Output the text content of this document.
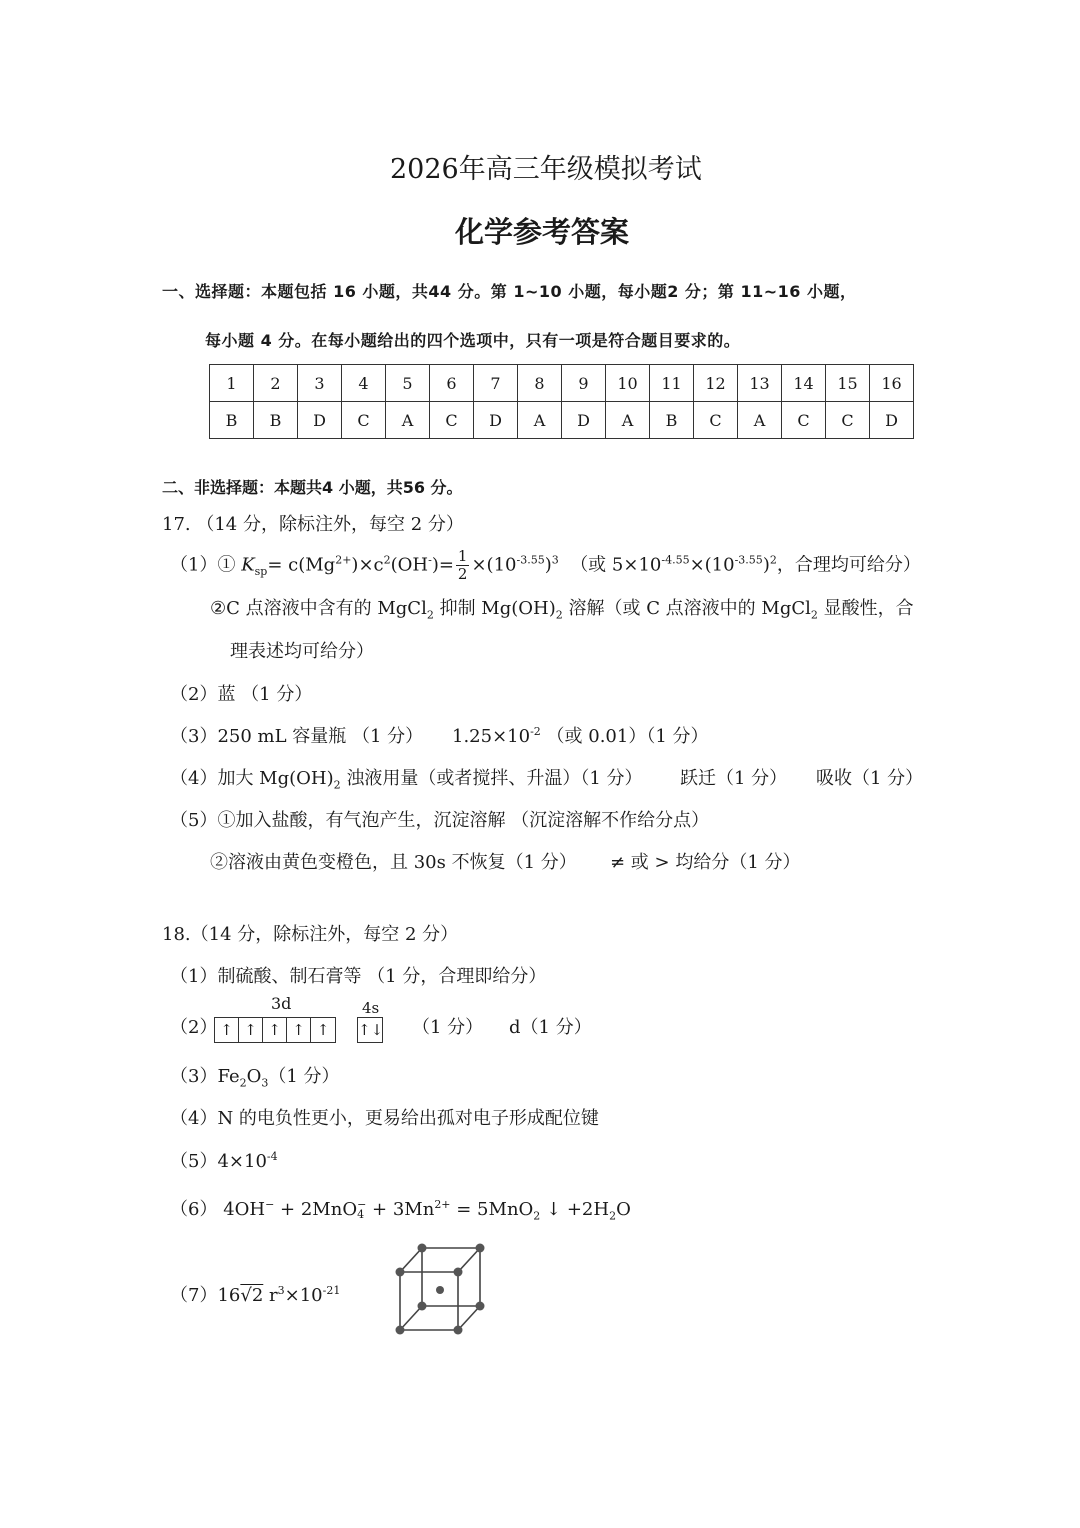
2026年高三年级模拟考试
化学参考答案
一、选择题：本题包括 16 小题，共44 分。第 1~10 小题，每小题2 分；第 11~16 小题，
每小题 4 分。在每小题给出的四个选项中，只有一项是符合题目要求的。
1	2	3	4	5	6	7	8	9	10	11	12	13	14	15	16
B	B	D	C	A	C	D	A	D	A	B	C	A	C	C	D
二、非选择题：本题共4 小题，共56 分。
17. （14 分，除标注外，每空 2 分）
（1）① $K_{sp}= c(Mg^{2+})\times c^2(OH^-)= \frac{1}{2} \times(10^{-3.55})^3$ （或 $5\times 10^{-4.55}\times(10^{-3.55})^2$，合理均可给分）
②C 点溶液中含有的 MgCl$_2$ 抑制 $Mg(OH)_2$ 溶解（或 C 点溶液中的 MgCl$_2$ 显酸性，合
理表述均可给分）
（2）蓝 （1 分）
（3）250 mL 容量瓶 （1 分） $1.25\times 10^{-2}$ （或 0.01）（1 分）
（4）加大 $Mg(OH)_2$ 浊液用量（或者搅拌、升温）（1 分） 跃迁（1 分） 吸收（1 分）
（5）①加入盐酸，有气泡产生，沉淀溶解 （沉淀溶解不作给分点）
②溶液由黄色变橙色，且 30s 不恢复（1 分） ≠ 或 > 均给分（1 分）
18.（14 分，除标注外，每空 2 分）
（1）制硫酸、制石膏等 （1 分，合理即给分）
（2）
3d	4s
↑ ↑ ↑ ↑ ↑	↑↓ （1 分） d（1 分）
$(3)Fe_2O_3(1$ 分）
（4）N 的电负性更小，更易给出孤对电子形成配位键
$(5)4\times 10^{-4}$
（6） 4OH− + 2MnO −
$4 + 3Mn^{2+} = 5MnO_2$ ↓ $+2H_2O$
（7）16√2 $r^3\times 10^{-21}$
